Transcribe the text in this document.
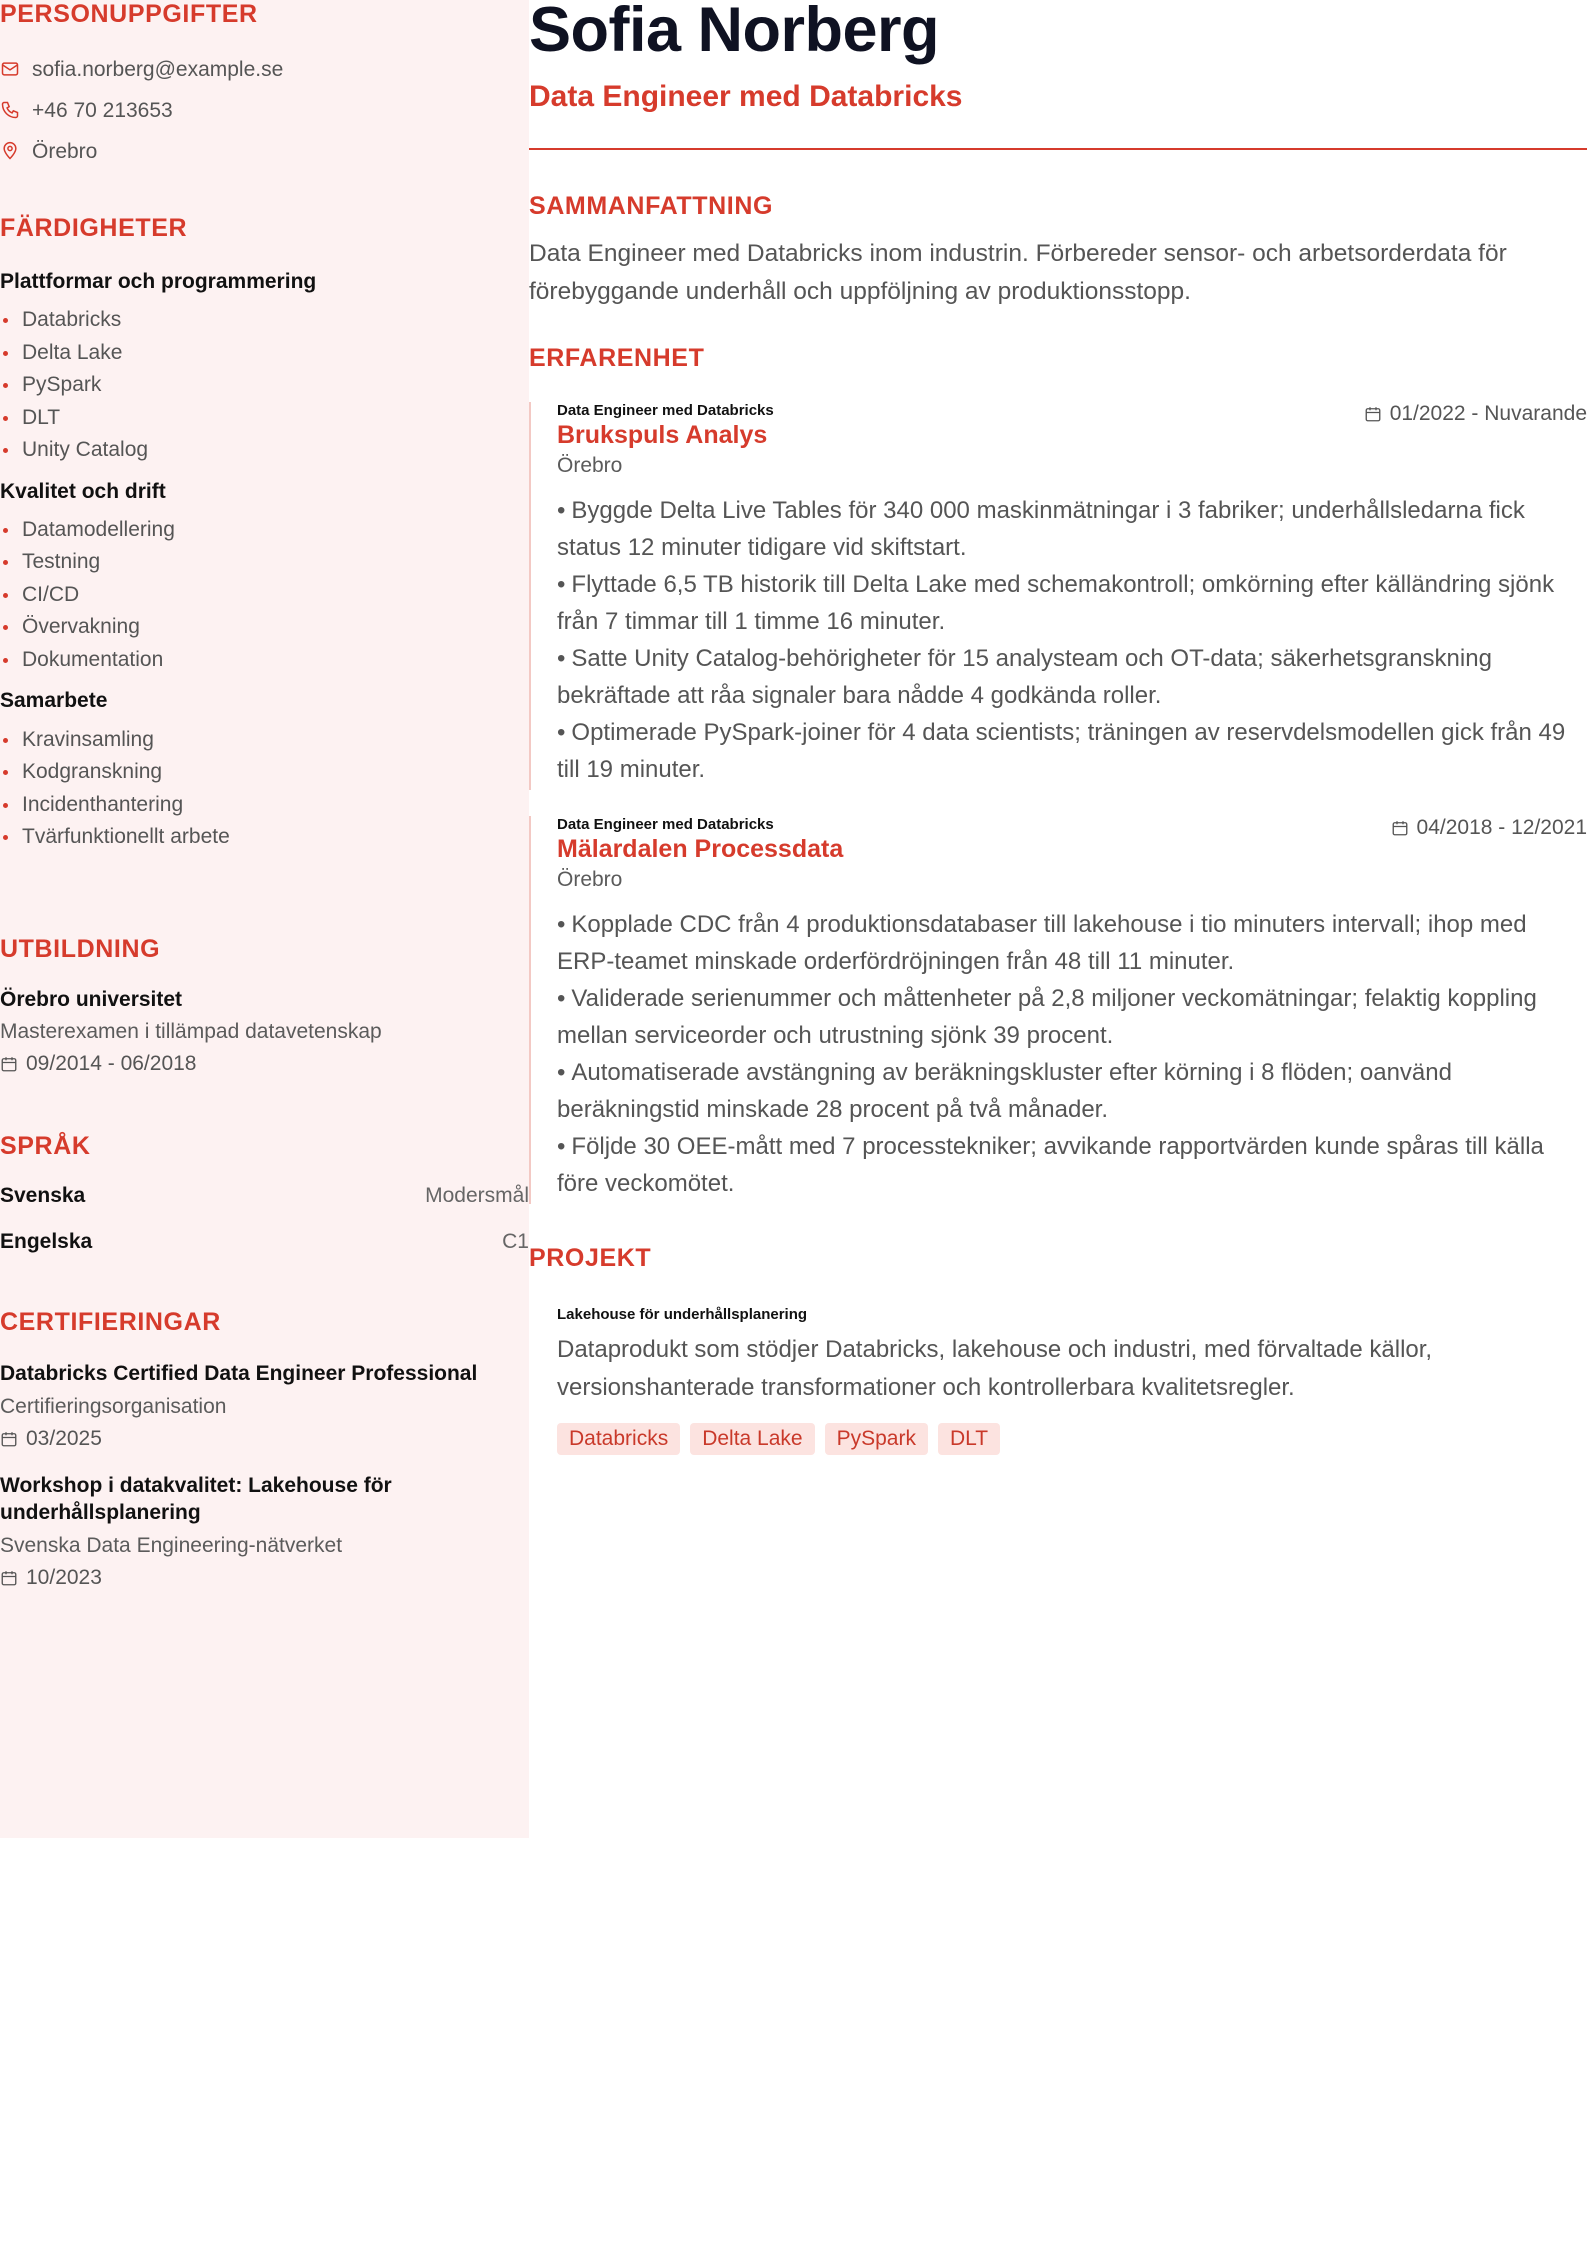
PERSONUPPGIFTER
sofia.norberg@example.se
+46 70 213653
Örebro
FÄRDIGHETER
Plattformar och programmering
Databricks
Delta Lake
PySpark
DLT
Unity Catalog
Kvalitet och drift
Datamodellering
Testning
CI/CD
Övervakning
Dokumentation
Samarbete
Kravinsamling
Kodgranskning
Incidenthantering
Tvärfunktionellt arbete
UTBILDNING
Örebro universitet
Masterexamen i tillämpad datavetenskap
09/2014 - 06/2018
SPRÅK
Svenska	Modersmål
Engelska	C1
CERTIFIERINGAR
Databricks Certified Data Engineer Professional
Certifieringsorganisation
03/2025
Workshop i datakvalitet: Lakehouse för underhållsplanering
Svenska Data Engineering-nätverket
10/2023
Sofia Norberg
Data Engineer med Databricks
SAMMANFATTNING
Data Engineer med Databricks inom industrin. Förbereder sensor- och arbetsorderdata för förebyggande underhåll och uppföljning av produktionsstopp.
ERFARENHET
01/2022 - Nuvarande
Data Engineer med Databricks
Brukspuls Analys
Örebro
• Byggde Delta Live Tables för 340 000 maskinmätningar i 3 fabriker; underhållsledarna fick status 12 minuter tidigare vid skiftstart.
• Flyttade 6,5 TB historik till Delta Lake med schemakontroll; omkörning efter källändring sjönk från 7 timmar till 1 timme 16 minuter.
• Satte Unity Catalog-behörigheter för 15 analysteam och OT-data; säkerhetsgranskning bekräftade att råa signaler bara nådde 4 godkända roller.
• Optimerade PySpark-joiner för 4 data scientists; träningen av reservdelsmodellen gick från 49 till 19 minuter.
04/2018 - 12/2021
Data Engineer med Databricks
Mälardalen Processdata
Örebro
• Kopplade CDC från 4 produktionsdatabaser till lakehouse i tio minuters intervall; ihop med ERP-teamet minskade orderfördröjningen från 48 till 11 minuter.
• Validerade serienummer och måttenheter på 2,8 miljoner veckomätningar; felaktig koppling mellan serviceorder och utrustning sjönk 39 procent.
• Automatiserade avstängning av beräkningskluster efter körning i 8 flöden; oanvänd beräkningstid minskade 28 procent på två månader.
• Följde 30 OEE-mått med 7 processtekniker; avvikande rapportvärden kunde spåras till källa före veckomötet.
PROJEKT
Lakehouse för underhållsplanering
Dataprodukt som stödjer Databricks, lakehouse och industri, med förvaltade källor, versionshanterade transformationer och kontrollerbara kvalitetsregler.
Databricks	Delta Lake	PySpark	DLT
